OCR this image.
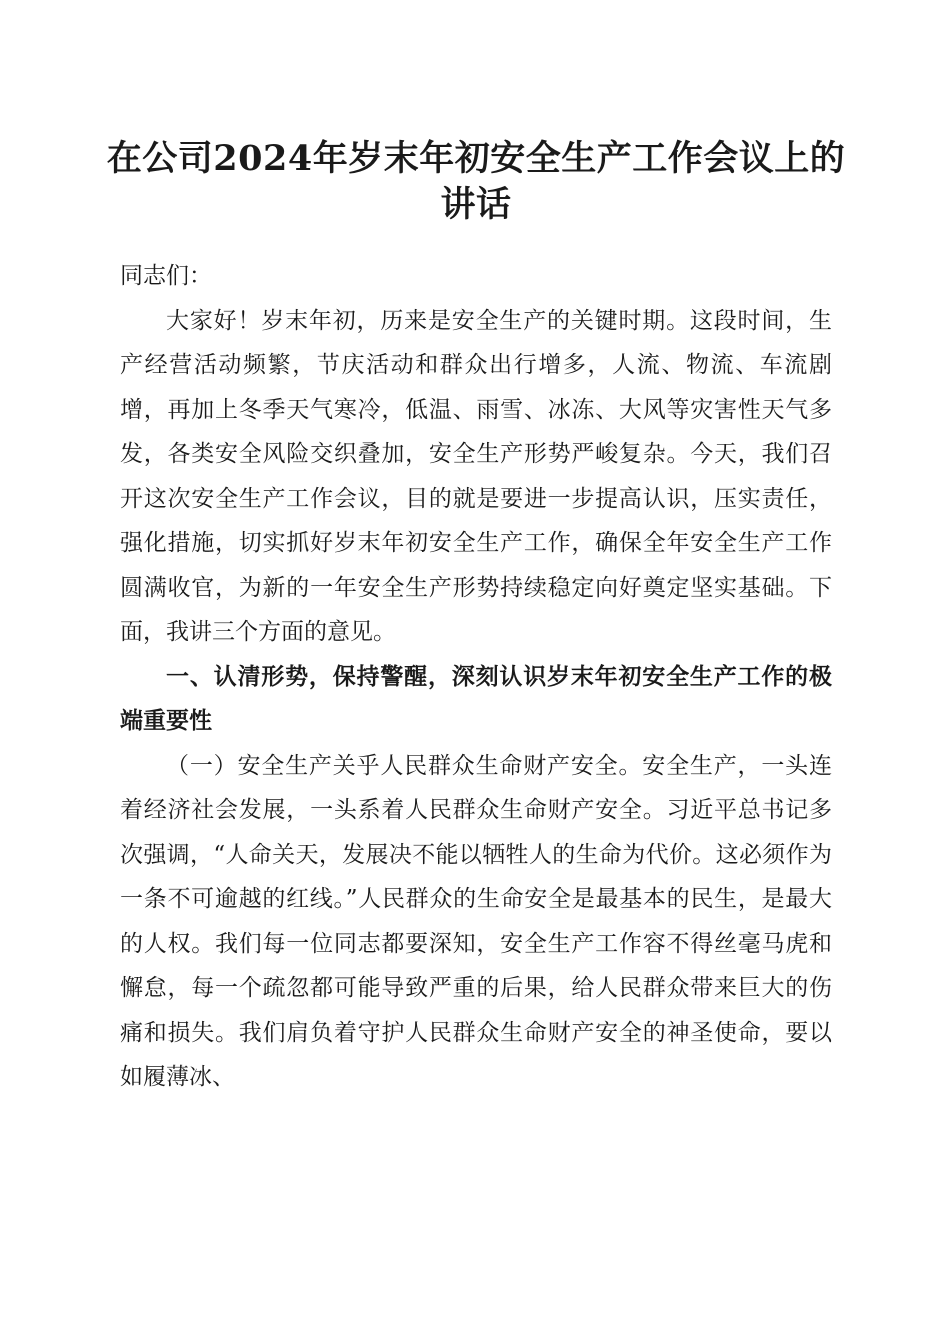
在公司2024年岁末年初安全生产工作会议上的讲话

同志们：

大家好！岁末年初，历来是安全生产的关键时期。这段时间，生产经营活动频繁，节庆活动和群众出行增多，人流、物流、车流剧增，再加上冬季天气寒冷，低温、雨雪、冰冻、大风等灾害性天气多发，各类安全风险交织叠加，安全生产形势严峻复杂。今天，我们召开这次安全生产工作会议，目的就是要进一步提高认识，压实责任，强化措施，切实抓好岁末年初安全生产工作，确保全年安全生产工作圆满收官，为新的一年安全生产形势持续稳定向好奠定坚实基础。下面，我讲三个方面的意见。

一、认清形势，保持警醒，深刻认识岁末年初安全生产工作的极端重要性

（一）安全生产关乎人民群众生命财产安全。安全生产，一头连着经济社会发展，一头系着人民群众生命财产安全。习近平总书记多次强调，“人命关天，发展决不能以牺牲人的生命为代价。这必须作为一条不可逾越的红线。”人民群众的生命安全是最基本的民生，是最大的人权。我们每一位同志都要深知，安全生产工作容不得丝毫马虎和懈怠，每一个疏忽都可能导致严重的后果，给人民群众带来巨大的伤痛和损失。我们肩负着守护人民群众生命财产安全的神圣使命，要以如履薄冰、
